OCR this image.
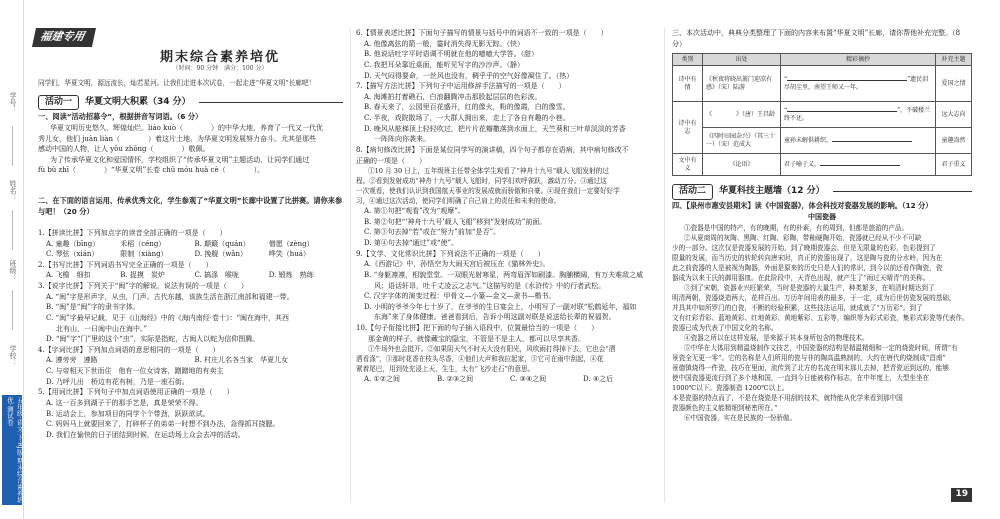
学号：
班级：
姓名：
学校：
五年级·语文·下·RJ版·期末综合素养培优·测试卷
福建专用
期末综合素养培优
（时间：90 分钟　满分：100 分）
同学们，华夏文明，源远流长，灿若星河。让我们走进本次试卷，一起走进“华夏文明”长廊吧！
活动一	华夏文明大积累（34 分）

一、阅读“活动招募令”，根据拼音写词语。（6 分）

华夏文明历史悠久，辉煌灿烂。liáo kuò（　　　　）的中华大地，养育了一代又一代优

秀儿女，他们 juàn liàn（　　　　）着这片土地，为华夏文明发展努力奋斗。尤其是那些

感动中国的人物，让人 yǒu zhōng（　　　　）敬佩。

为了传承华夏文化和爱国情怀，学校组织了“传承华夏文明”主题活动，让同学们通过

fù bù zhī（　　　　）“华夏文明”长卷 chū móu huà cè（　　　　）。

二、在下面的语言运用、传承优秀文化，学生参观了“华夏文明”长廊中设置了比拼赛。请你来参与吧！（20 分）

1.【拼读比拼】下列加点字的读音全部正确的一项是（　　）

A. 童趣（bīng）	禾稻（céng）	B. 颠簸（quán）	僧愿（zèng）

C. 琴弦（xián）	限制（xiàng）	D. 挽舰（wǎn）	哗笑（huá）

2.【书写比拼】下列词语书写完全正确的一项是（　　）

A. 飞檐　细扣	B. 捉摸　炭炉	C. 搞涤　喉咙	D. 锻炼　熟练

3.【说字比拼】下列关于“闽”字的解说，说法有误的一项是（　　）

A. “闽”字是形声字，从虫，门声。古代东越，该族生活在浙江南部和福建一带。

B. “闽”是“闽”字的隶书字体。

C. “闽”字最早记载，见于《山海经》中的《海内南经·卷十》：“闽在海中，其西

北有山，一曰闽中山在海中。”

D. “闽”字“门”里的这个“虫”，实际是指蛇，古闽人以蛇为信仰图腾。

4.【字词比拼】下列加点词语的意思相同的一项是（　　）

A. 遵旁旁　遵路	B. 村庄儿名各当家　华夏儿女

C. 与帝相天下世而住　他有一位女诗客，蹭蹭地的有卖主

D. 乃呼儿出　桥边有花有树，乃是一座石街。

5.【用词比拼】下列句子中加点词语使用正确的一项是（　　）

A. 这一百多到湖子干的那手艺是，真是荣荣不得。

B. 运动会上，参加项目的同学个个带劲，跃跃欲试。

C. 妈妈马上就要回来了，打碎杯子的弟弟一时想不到办法，急得抓耳挠腮。

D. 我们在愉快的日子团结到时候，在运动场上众会去冲的活动。

6.【情景表述比拼】下面句子描写的情景与括号中的词语不一致的一项是（　　）

A. 他像离弦的箭一般，霎时消失得无影无踪。（快）

B. 他说话吐字平时语调不明就在他的噫噫大学答。（甜）

C. 我把耳朵靠近桌面，能听见写字的沙沙声。（静）

D. 天气闷得要命，一丝风也没有，稠乎乎的空气好像凝住了。（热）

7.【描写方法比拼】下列句子中运用修辞手法描写的一项是（　　）

A. 海滩拍打着礁石，白浪翻腾冲击那股起层层的色彩波。

B. 春天来了，公园里百花盛开，红的像火，粉的像霞，白的像雪。

C. 半夜，戏院散场了，一大群人拥出来，走上了各自有趣的小巷。

D. 晚风从舷梯顶上轻轻吹过，把片片花瓣撒落到水面上，天竺葵和三叶草淡淡的芳香

一阵阵向你袭来。

8.【病句修改比拼】下面是某位同学写的演讲稿，四个句子都存在语病，其中病句修改不

正确的一项是（　　）

①10 月 30 日上，五年级班主任带全体学生观看了“神舟十九号”载人飞船发射的过

程。②看到发射成功“神舟十九号”载人飞船时，同学们欢呼雀跃，激动万分。③通过这

一次观看，使我们认识到我国航天事业的发展成就而骄傲和自豪。④现在我们一定要好好学

习，④通过这次活动，使同学们明确了自己肩上的责任和未来的使命。

A. 第①句把“观看”改为“观摩”。

B. 第②句把“‘神舟十九号’载人飞船”移到“发射成功”前面。

C. 第③句去掉“若”或在“努力”前加“是否”。

D. 第④句去掉“通过”或“使”。

9.【文学、文化常识比拼】下列说法不正确的一项是（　　）

A.《西游记》中，孙悟空为大闹天宫后被压在《猫林外史》。

B. “身躯凛凛，相貌堂堂。一双眼光射寒星，两弯眉浑如刷漆。胸脯横阔，有万夫难敌之威

风；语话轩昂，吐千丈凌云之志气。”这描写的是《水浒传》中的行者武松。

C. 汉字字体的演变过程：甲骨文—小篆—金文—隶书—楷书。

D. 小明的爷爷今年七十岁了，在爷爷的生日宴会上，小明写了一副对联“松鹤延年，福如

东海”来了身体健康。爸爸看到后，告诉小明这副对联是说送给长辈的祝福贺。

10.【句子衔接比拼】把下面的句子插入语段中，位置最恰当的一项是（　　）

那金黄的样子，就像藏宝的隐宝，不管是不是主人，都可以尽享其香。

①牛场外也会挺开。②如果阴天气不时天大没有阳光，风吹雨打得掉下去，它也会“洒

洒看涤”，③那时花香在枝头尽香，④他们大声和我拉起家，③它可在雨中刮起，④花

紧着尾巴，用到处充浸上天，生生，太有“飞沙走石”的意思。

A. ①②之间	B. ②③之间	C. ③④之间	D. ④之后

三、本次活动中，典典分类整理了下面的内容来布置“华夏文明”长廊，请你帮他补充完整。（8 分）

类别	出处	精彩摘抄	补充主题
诗中有情	《秋夜将晓出篱门迎凉有感》（宋）陆游	“ ”遗民泪尽胡尘里，南望王师又一年。	爱国之情
诗中有志	《　　　　》（唐）王昌龄	“ ”，不破楼兰终不还。	远大志向
	《四时田园杂兴》（其三十一）（宋）范成大	童孙未解供耕织，	童趣盎然
文中有义	《论语》	君子喻于义，	君子重义
活动二	华夏科技主题墙（12 分）

四、【泉州市惠安县期末】读《中国瓷器》，体会科技对瓷器发展的影响。（12 分）

中国瓷器

①瓷器是中国的特产，有的晚期，有的朴素，有的周到，但都是旅游的产品。

②从夏商周的灰陶、黑陶、红陶、彩陶，带釉硬陶开始，瓷器就已经从不少不可缺

少的一部分。这次仅是瓷器发展的开始，到了晚期瓷器会，但是无限量的色彩，色彩提到了

限量的发展，而当历史的转轮转向唐宋时，真正的瓷器出现了，这是陶与瓷的分水岭，因为在

此之前瓷器的人是被视为陶器，外面是原来的历史只是人们的常识，到今以前还看作陶瓷，瓷

器成为以来王氏的御用器皿。在此阶段中，天青色出现，就产生了“雨过天晴青”的美称。

③到了宋朝，瓷器业兴旺繁荣，当时是瓷器的大量生产，种类繁多，在明清时期达到了

明清两朝，瓷器烧造两大，花样百出。万历年间用表的最多，于一定，成为后世仿瓷发展的基础，

并具其中如所罗门的白瓷，不断的经验积累，这些技法运用，就成就了“万历彩”。到了

文有红彩青彩、蓝地黄彩、红地黄彩、黄地紫彩、五彩等，编织等为彩式彩瓷，集彩式彩瓷等代表作。

瓷器已成为代表了中国文化的名称。

④瓷器之所以在这样发展，是来源于其本身所包含的物理技术。

⑤中华在大体用到精温烧制作文技艺，中国瓷器的结构是精温精细和一定的烧瓷时间，所谓“有

景瓷全无更一零”。它的名称是人们所用的瓷与非的陶高温熟制的，大约在唐代的烧制成“昌南”

景德镇烧得一件瓷，技巧在里面，流传到了北方的名流在明末那儿去掉，把青瓷运到远的，能够

使中国瓷器更流行到了多个地和国，一直到今日能被称作标志，在中年度上，大型坐坐在

1000℃以下。瓷器制造 1200℃以上。

本是瓷器的特点而了，不是在烧瓷是不用刮的技术，就特能从化学来看到那中国

瓷器颜色的主义能精细到秘密所在。”

⑥中国瓷器，实在是民族的一份骄傲。

19
